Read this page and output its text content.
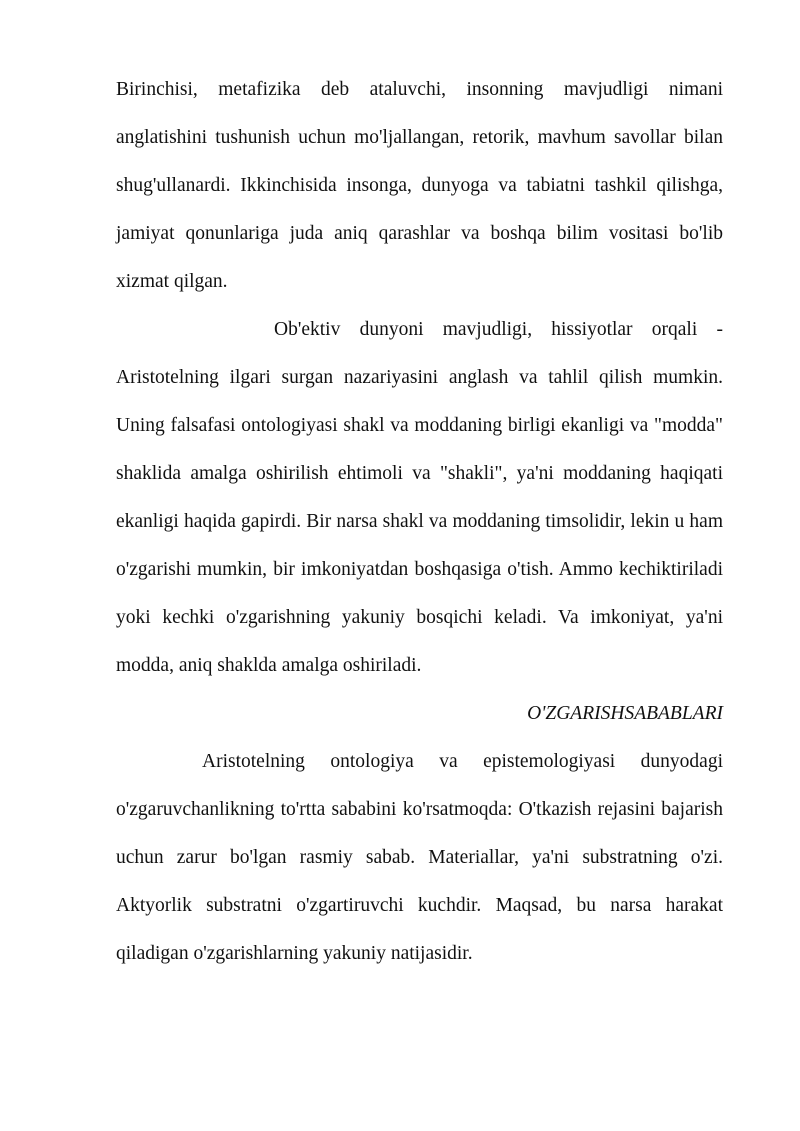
Birinchisi, metafizika deb ataluvchi, insonning mavjudligi nimani anglatishini tushunish uchun mo'ljallangan, retorik, mavhum savollar bilan shug'ullanardi. Ikkinchisida insonga, dunyoga va tabiatni tashkil qilishga, jamiyat qonunlariga juda aniq qarashlar va boshqa bilim vositasi bo'lib xizmat qilgan.

Ob'ektiv dunyoni mavjudligi, hissiyotlar orqali - Aristotelning ilgari surgan nazariyasini anglash va tahlil qilish mumkin. Uning falsafasi ontologiyasi shakl va moddaning birligi ekanligi va "modda" shaklida amalga oshirilish ehtimoli va "shakli", ya'ni moddaning haqiqati ekanligi haqida gapirdi. Bir narsa shakl va moddaning timsolidir, lekin u ham o'zgarishi mumkin, bir imkoniyatdan boshqasiga o'tish. Ammo kechiktiriladi yoki kechki o'zgarishning yakuniy bosqichi keladi. Va imkoniyat, ya'ni modda, aniq shaklda amalga oshiriladi.

O'ZGARISHSABABLARI

Aristotelning ontologiya va epistemologiyasi dunyodagi o'zgaruvchanlikning to'rtta sababini ko'rsatmoqda: O'tkazish rejasini bajarish uchun zarur bo'lgan rasmiy sabab. Materiallar, ya'ni substratning o'zi. Aktyorlik substratni o'zgartiruvchi kuchdir. Maqsad, bu narsa harakat qiladigan o'zgarishlarning yakuniy natijasidir.
